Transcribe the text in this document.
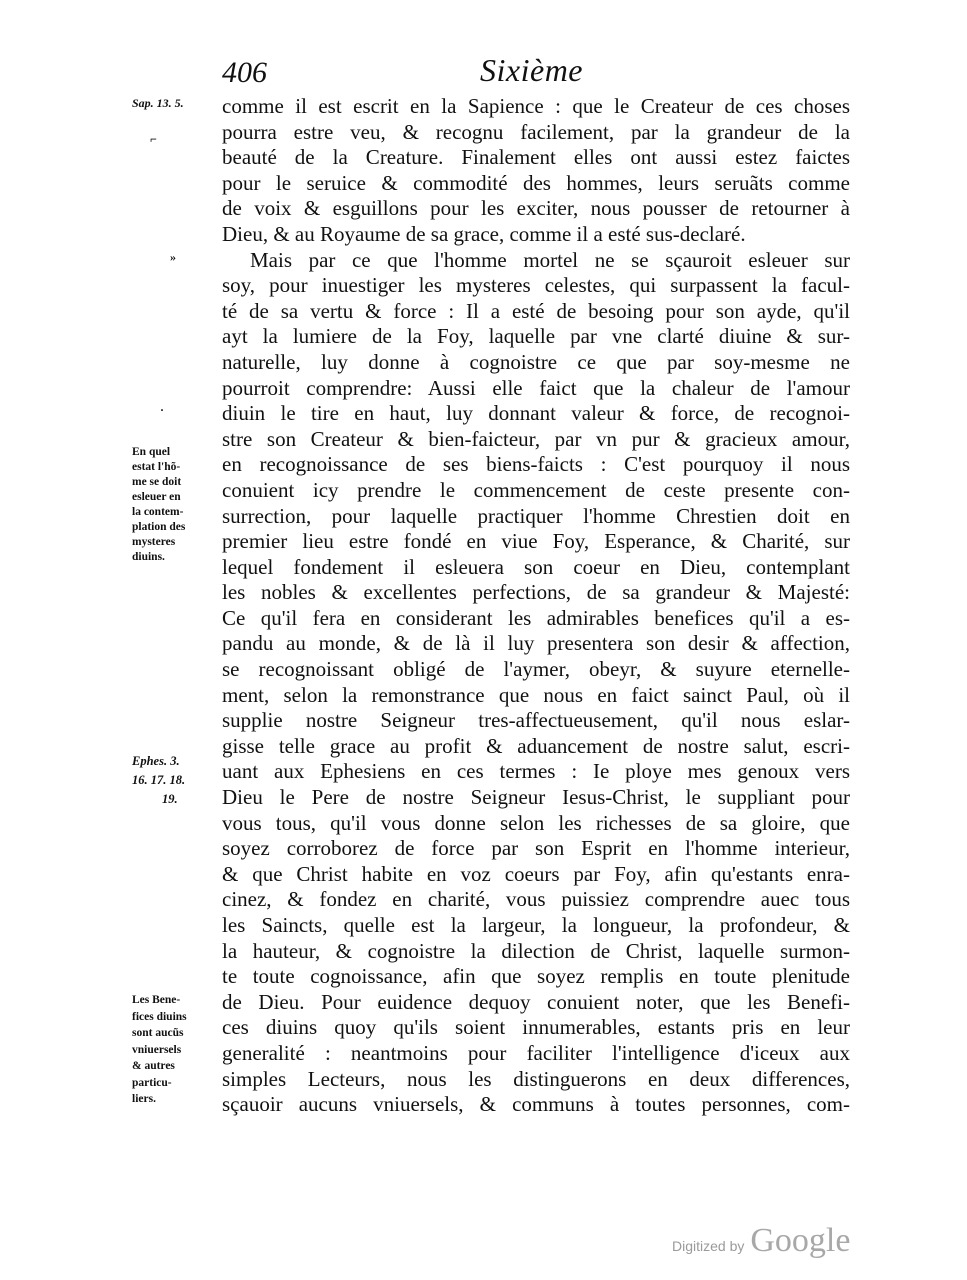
406	Sixième
comme il est escrit en la Sapience : que le Createur de ces choses
pourra estre veu, & recognu facilement, par la grandeur de la
beauté de la Creature. Finalement elles ont aussi estez faictes
pour le seruice & commodité des hommes, leurs seruãts comme
de voix & esguillons pour les exciter, nous pousser de retourner à
Dieu, & au Royaume de sa grace, comme il a esté sus-declaré.
Mais par ce que l'homme mortel ne se sçauroit esleuer sur
soy, pour inuestiger les mysteres celestes, qui surpassent la facul-
té de sa vertu & force : Il a esté de besoing pour son ayde, qu'il
ayt la lumiere de la Foy, laquelle par vne clarté diuine & sur-
naturelle, luy donne à cognoistre ce que par soy-mesme ne
pourroit comprendre: Aussi elle faict que la chaleur de l'amour
diuin le tire en haut, luy donnant valeur & force, de recognoi-
stre son Createur & bien-faicteur, par vn pur & gracieux amour,
en recognoissance de ses biens-faicts : C'est pourquoy il nous
conuient icy prendre le commencement de ceste presente con-
surrection, pour laquelle practiquer l'homme Chrestien doit en
premier lieu estre fondé en viue Foy, Esperance, & Charité, sur
lequel fondement il esleuera son coeur en Dieu, contemplant
les nobles & excellentes perfections, de sa grandeur & Majesté:
Ce qu'il fera en considerant les admirables benefices qu'il a es-
pandu au monde, & de là il luy presentera son desir & affection,
se recognoissant obligé de l'aymer, obeyr, & suyure eternelle-
ment, selon la remonstrance que nous en faict sainct Paul, où il
supplie nostre Seigneur tres-affectueusement, qu'il nous eslar-
gisse telle grace au profit & aduancement de nostre salut, escri-
uant aux Ephesiens en ces termes : Ie ploye mes genoux vers
Dieu le Pere de nostre Seigneur Iesus-Christ, le suppliant pour
vous tous, qu'il vous donne selon les richesses de sa gloire, que
soyez corroborez de force par son Esprit en l'homme interieur,
& que Christ habite en voz coeurs par Foy, afin qu'estants enra-
cinez, & fondez en charité, vous puissiez comprendre auec tous
les Saincts, quelle est la largeur, la longueur, la profondeur, &
la hauteur, & cognoistre la dilection de Christ, laquelle surmon-
te toute cognoissance, afin que soyez remplis en toute plenitude
de Dieu. Pour euidence dequoy conuient noter, que les Benefi-
ces diuins quoy qu'ils soient innumerables, estants pris en leur
generalité : neantmoins pour faciliter l'intelligence d'iceux aux
simples Lecteurs, nous les distinguerons en deux differences,
sçauoir aucuns vniuersels, & communs à toutes personnes, com-
Sap. 13. 5.
En quel
estat l'hõ-
me se doit
esleuer en
la contem-
plation des
mysteres
diuins.
Ephes. 3.
16. 17. 18.
19.
Les Bene-
fices diuins
sont aucũs
vniuersels
& autres
particu-
liers.
⌐
»
·
Digitized by Google
